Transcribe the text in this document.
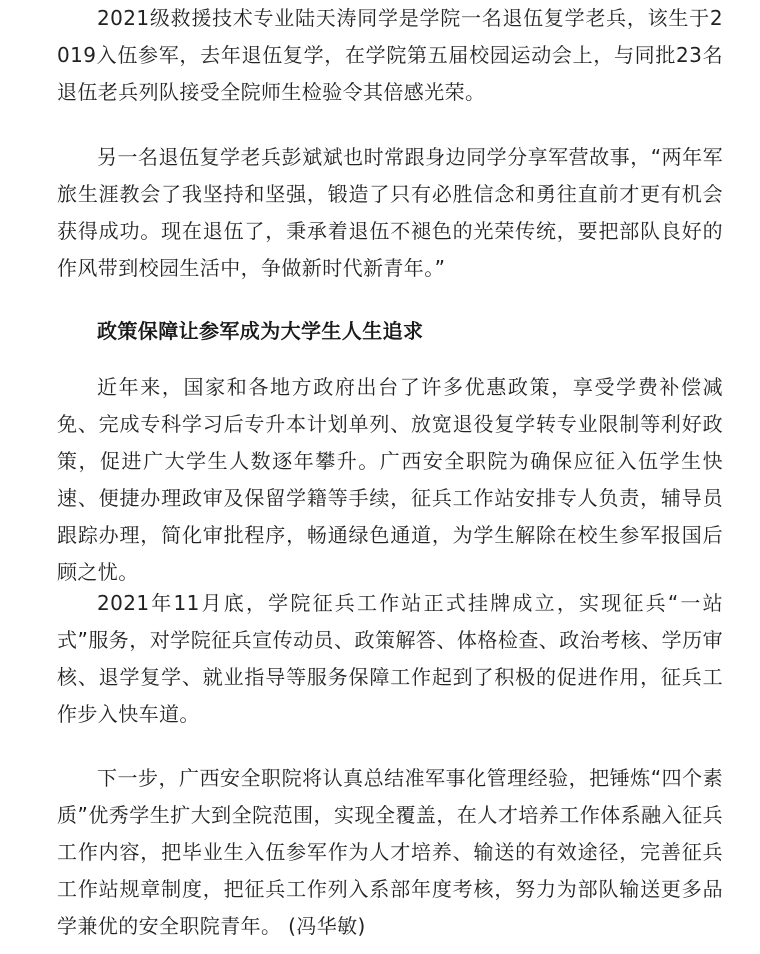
2021级救援技术专业陆天涛同学是学院一名退伍复学老兵，该生于2019入伍参军，去年退伍复学，在学院第五届校园运动会上，与同批23名退伍老兵列队接受全院师生检验令其倍感光荣。

另一名退伍复学老兵彭斌斌也时常跟身边同学分享军营故事，“两年军旅生涯教会了我坚持和坚强，锻造了只有必胜信念和勇往直前才更有机会获得成功。现在退伍了，秉承着退伍不褪色的光荣传统，要把部队良好的作风带到校园生活中，争做新时代新青年。”

政策保障让参军成为大学生人生追求

近年来，国家和各地方政府出台了许多优惠政策，享受学费补偿减免、完成专科学习后专升本计划单列、放宽退役复学转专业限制等利好政策，促进广大学生人数逐年攀升。广西安全职院为确保应征入伍学生快速、便捷办理政审及保留学籍等手续，征兵工作站安排专人负责，辅导员跟踪办理，简化审批程序，畅通绿色通道，为学生解除在校生参军报国后顾之忧。

2021年11月底，学院征兵工作站正式挂牌成立，实现征兵“一站式”服务，对学院征兵宣传动员、政策解答、体格检查、政治考核、学历审核、退学复学、就业指导等服务保障工作起到了积极的促进作用，征兵工作步入快车道。

下一步，广西安全职院将认真总结准军事化管理经验，把锤炼“四个素质”优秀学生扩大到全院范围，实现全覆盖，在人才培养工作体系融入征兵工作内容，把毕业生入伍参军作为人才培养、输送的有效途径，完善征兵工作站规章制度，把征兵工作列入系部年度考核，努力为部队输送更多品学兼优的安全职院青年。 (冯华敏)
